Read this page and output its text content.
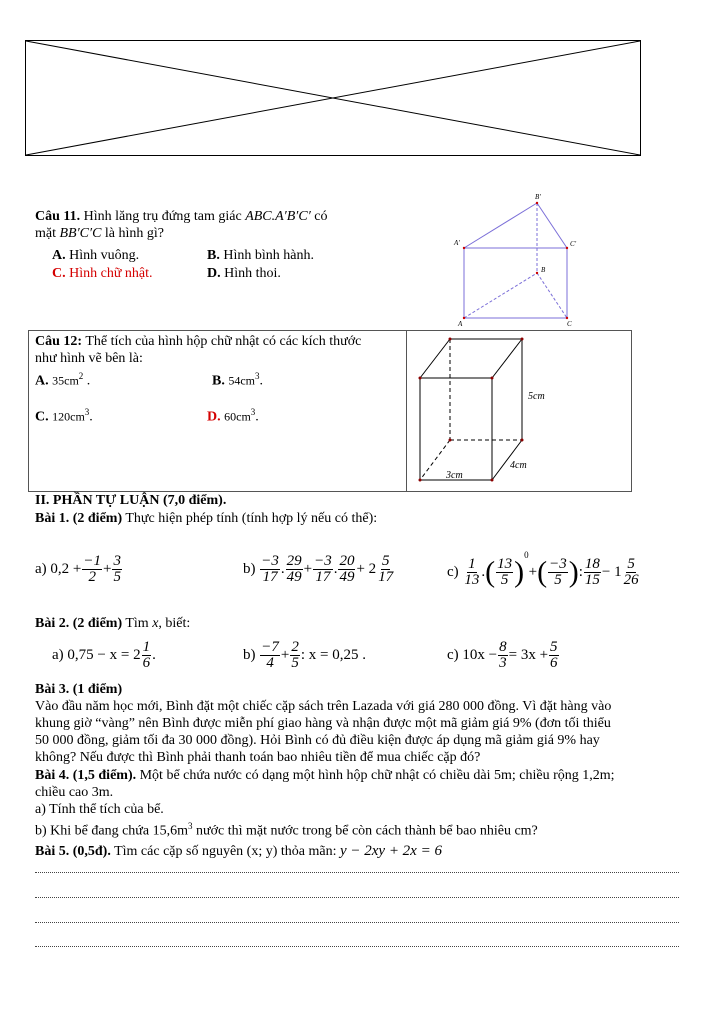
Câu 11. Hình lăng trụ đứng tam giác ABC.A′B′C′ có
mặt BB′C′C là hình gì?
A. Hình vuông.	B. Hình bình hành.
C. Hình chữ nhật.	D. Hình thoi.
B'
A'	C'
B
A	C
Câu 12: Thể tích của hình hộp chữ nhật có các kích thước như hình vẽ bên là:
A. $35cm^2$ .	B. $54cm^3$.
C. $120cm^3$.	D. $60cm^3$.
5cm
4cm
3cm
II. PHẦN TỰ LUẬN (7,0 điểm).
Bài 1. (2 điểm) Thực hiện phép tính (tính hợp lý nếu có thể):
a) $0,2 + \frac{-1}{2} + \frac{3}{5}$	$b) \frac{-3}{17}$ . $\frac{29}{49} + \frac{-3}{17}$ . $\frac{20}{49} + 2 \frac{5}{17}$	$c) \frac{1}{13}$ .( $\frac{13}{5} )^0+( \frac{-3}{5}$ ): $\frac{18}{15} - 1 \frac{5}{26}$
Bài 2. (2 điểm) Tìm x, biết:
a) $0,75 - x = 2 \frac{1}{6}$ .	$b) \frac{-7}{4} + \frac{2}{5}$ : x = 0,25 .	c) $10x - \frac{8}{3} = 3x + \frac{5}{6}$
Bài 3. (1 điểm)
Vào đầu năm học mới, Bình đặt một chiếc cặp sách trên Lazada với giá 280 000 đồng. Vì đặt hàng vào
khung giờ “vàng” nên Bình được miễn phí giao hàng và nhận được một mã giảm giá 9% (đơn tối thiểu
50 000 đồng, giảm tối đa 30 000 đồng). Hỏi Bình có đủ điều kiện được áp dụng mã giảm giá 9% hay
không? Nếu được thì Bình phải thanh toán bao nhiêu tiền để mua chiếc cặp đó?
Bài 4. (1,5 điểm). Một bể chứa nước có dạng một hình hộp chữ nhật có chiều dài 5m; chiều rộng 1,2m;
chiều cao 3m.
a) Tính thể tích của bể.
b) Khi bể đang chứa $15,6m^3$ nước thì mặt nước trong bể còn cách thành bể bao nhiêu cm?
Bài 5. (0,5đ). Tìm các cặp số nguyên (x; y) thỏa mãn: y − 2xy + 2x = 6
